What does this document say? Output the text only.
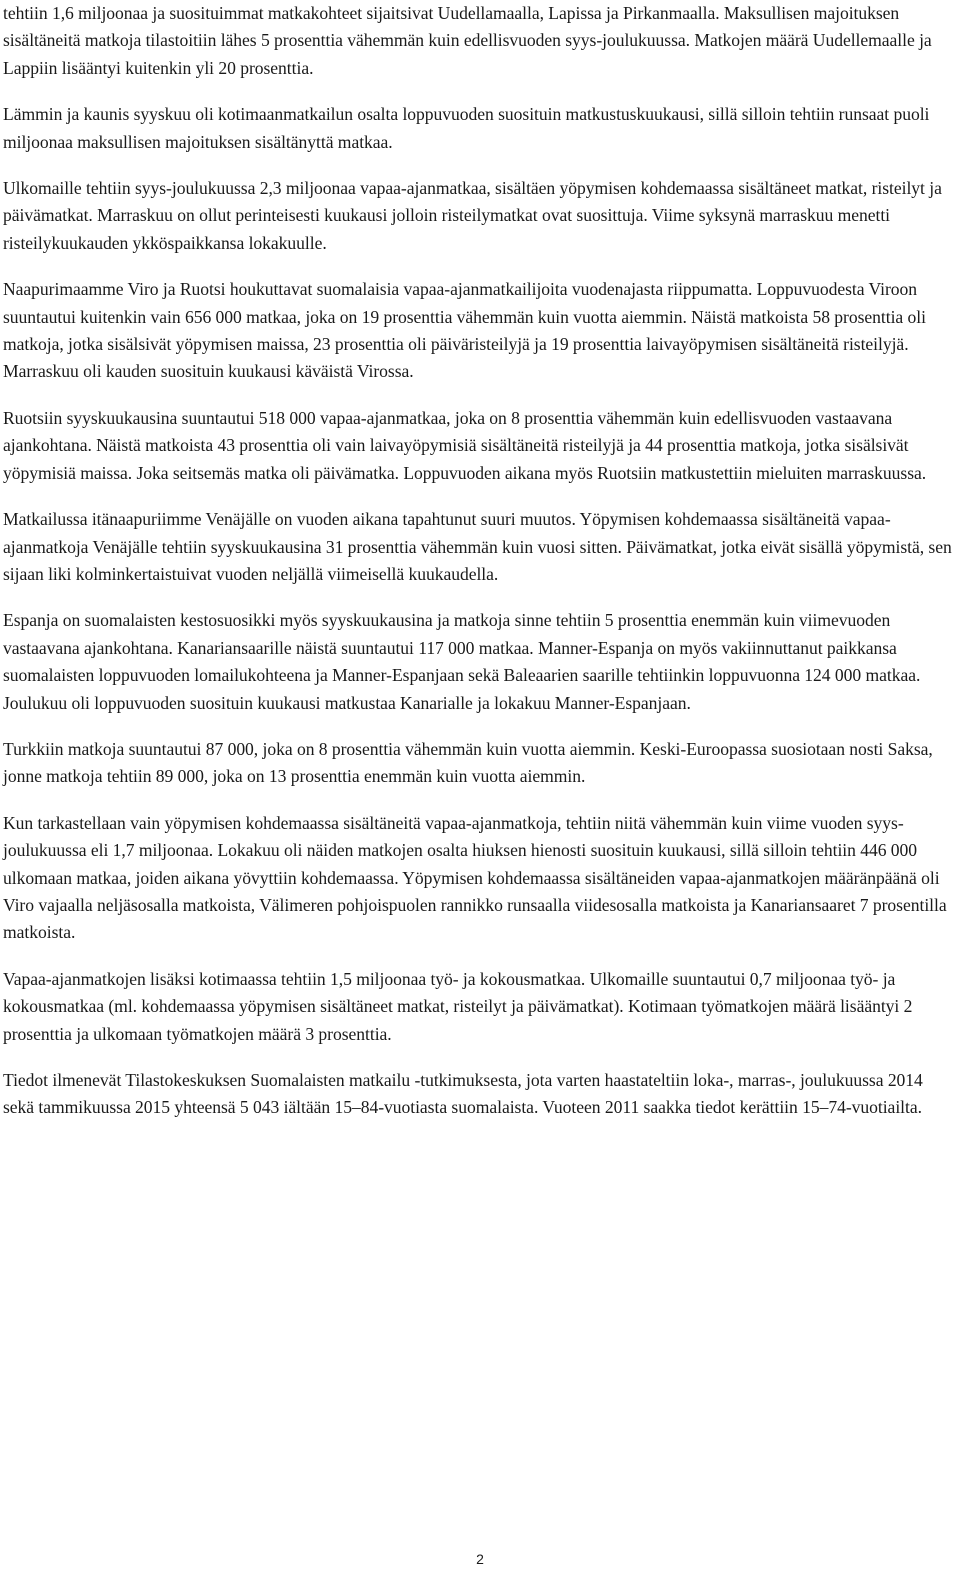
tehtiin 1,6 miljoonaa ja suosituimmat matkakohteet sijaitsivat Uudellamaalla, Lapissa ja Pirkanmaalla. Maksullisen majoituksen sisältäneitä matkoja tilastoitiin lähes 5 prosenttia vähemmän kuin edellisvuoden syys-joulukuussa. Matkojen määrä Uudellemaalle ja Lappiin lisääntyi kuitenkin yli 20 prosenttia.

Lämmin ja kaunis syyskuu oli kotimaanmatkailun osalta loppuvuoden suosituin matkustuskuukausi, sillä silloin tehtiin runsaat puoli miljoonaa maksullisen majoituksen sisältänyttä matkaa.

Ulkomaille tehtiin syys-joulukuussa 2,3 miljoonaa vapaa-ajanmatkaa, sisältäen yöpymisen kohdemaassa sisältäneet matkat, risteilyt ja päivämatkat. Marraskuu on ollut perinteisesti kuukausi jolloin risteilymatkat ovat suosittuja. Viime syksynä marraskuu menetti risteilykuukauden ykköspaikkansa lokakuulle.

Naapurimaamme Viro ja Ruotsi houkuttavat suomalaisia vapaa-ajanmatkailijoita vuodenajasta riippumatta. Loppuvuodesta Viroon suuntautui kuitenkin vain 656 000 matkaa, joka on 19 prosenttia vähemmän kuin vuotta aiemmin. Näistä matkoista 58 prosenttia oli matkoja, jotka sisälsivät yöpymisen maissa, 23 prosenttia oli päiväristeilyjä ja 19 prosenttia laivayöpymisen sisältäneitä risteilyjä. Marraskuu oli kauden suosituin kuukausi käväistä Virossa.

Ruotsiin syyskuukausina suuntautui 518 000 vapaa-ajanmatkaa, joka on 8 prosenttia vähemmän kuin edellisvuoden vastaavana ajankohtana. Näistä matkoista 43 prosenttia oli vain laivayöpymisiä sisältäneitä risteilyjä ja 44 prosenttia matkoja, jotka sisälsivät yöpymisiä maissa. Joka seitsemäs matka oli päivämatka. Loppuvuoden aikana myös Ruotsiin matkustettiin mieluiten marraskuussa.

Matkailussa itänaapuriimme Venäjälle on vuoden aikana tapahtunut suuri muutos. Yöpymisen kohdemaassa sisältäneitä vapaa-ajanmatkoja Venäjälle tehtiin syyskuukausina 31 prosenttia vähemmän kuin vuosi sitten. Päivämatkat, jotka eivät sisällä yöpymistä, sen sijaan liki kolminkertaistuivat vuoden neljällä viimeisellä kuukaudella.

Espanja on suomalaisten kestosuosikki myös syyskuukausina ja matkoja sinne tehtiin 5 prosenttia enemmän kuin viimevuoden vastaavana ajankohtana. Kanariansaarille näistä suuntautui 117 000 matkaa. Manner-Espanja on myös vakiinnuttanut paikkansa suomalaisten loppuvuoden lomailukohteena ja Manner-Espanjaan sekä Baleaarien saarille tehtiinkin loppuvuonna 124 000 matkaa. Joulukuu oli loppuvuoden suosituin kuukausi matkustaa Kanarialle ja lokakuu Manner-Espanjaan.

Turkkiin matkoja suuntautui 87 000, joka on 8 prosenttia vähemmän kuin vuotta aiemmin. Keski-Euroopassa suosiotaan nosti Saksa, jonne matkoja tehtiin 89 000, joka on 13 prosenttia enemmän kuin vuotta aiemmin.

Kun tarkastellaan vain yöpymisen kohdemaassa sisältäneitä vapaa-ajanmatkoja, tehtiin niitä vähemmän kuin viime vuoden syys-joulukuussa eli 1,7 miljoonaa. Lokakuu oli näiden matkojen osalta hiuksen hienosti suosituin kuukausi, sillä silloin tehtiin 446 000 ulkomaan matkaa, joiden aikana yövyttiin kohdemaassa. Yöpymisen kohdemaassa sisältäneiden vapaa-ajanmatkojen määränpäänä oli Viro vajaalla neljäsosalla matkoista, Välimeren pohjoispuolen rannikko runsaalla viidesosalla matkoista ja Kanariansaaret 7 prosentilla matkoista.

Vapaa-ajanmatkojen lisäksi kotimaassa tehtiin 1,5 miljoonaa työ- ja kokousmatkaa. Ulkomaille suuntautui 0,7 miljoonaa työ- ja kokousmatkaa (ml. kohdemaassa yöpymisen sisältäneet matkat, risteilyt ja päivämatkat). Kotimaan työmatkojen määrä lisääntyi 2 prosenttia ja ulkomaan työmatkojen määrä 3 prosenttia.

Tiedot ilmenevät Tilastokeskuksen Suomalaisten matkailu -tutkimuksesta, jota varten haastateltiin loka-, marras-, joulukuussa 2014 sekä tammikuussa 2015 yhteensä 5 043 iältään 15–84-vuotiasta suomalaista. Vuoteen 2011 saakka tiedot kerättiin 15–74-vuotiailta.

2
